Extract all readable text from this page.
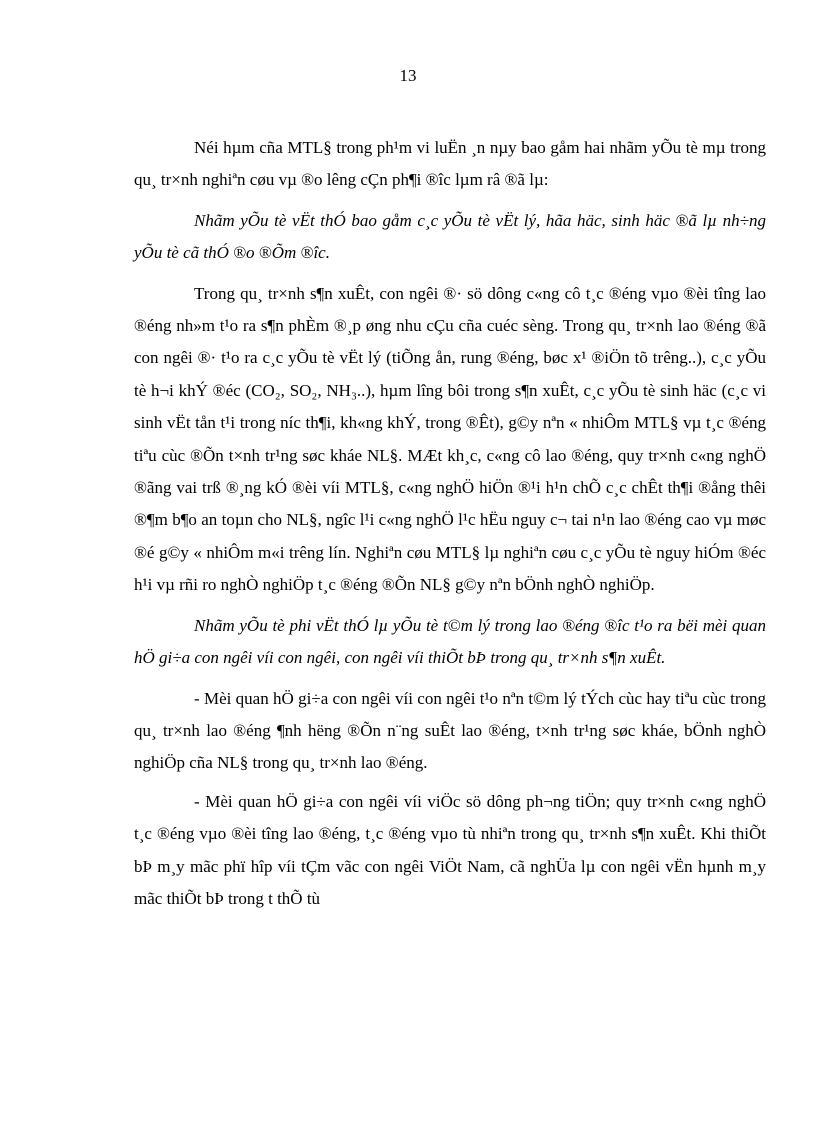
13

Néi hµm cña MTL§ trong ph¹m vi luËn ¸n nµy bao gåm hai nhãm yÕu tè mµ trong qu¸ tr×nh nghiªn cøu vµ ®o lêng cÇn ph¶i ®îc lµm râ ®ã lµ:

Nhãm yÕu tè vËt thÓ bao gåm c¸c yÕu tè vËt lý, hãa häc, sinh häc ®ã lµ nh÷ng yÕu tè cã thÓ ®o ®Õm ®îc.

Trong qu¸ tr×nh s¶n xuÊt, con ngêi ®· sö dông c«ng cô t¸c ®éng vµo ®èi tîng lao ®éng nh»m t¹o ra s¶n phÈm ®¸p øng nhu cÇu cña cuéc sèng. Trong qu¸ tr×nh lao ®éng ®ã con ngêi ®· t¹o ra c¸c yÕu tè vËt lý (tiÕng ån, rung ®éng, bøc x¹ ®iÖn tõ trêng..), c¸c yÕu tè h¬i khÝ ®éc (CO₂, SO₂, NH₃..), hµm lîng bôi trong s¶n xuÊt, c¸c yÕu tè sinh häc (c¸c vi sinh vËt tån t¹i trong níc th¶i, kh«ng khÝ, trong ®Êt), g©y nªn « nhiÔm MTL§ vµ t¸c ®éng tiªu cùc ®Õn t×nh tr¹ng søc kháe NL§. MÆt kh¸c, c«ng cô lao ®éng, quy tr×nh c«ng nghÖ ®ãng vai trß ®¸ng kÓ ®èi víi MTL§, c«ng nghÖ hiÖn ®¹i h¹n chÕ c¸c chÊt th¶i ®ång thêi ®¶m b¶o an toµn cho NL§, ngîc l¹i c«ng nghÖ l¹c hËu nguy c¬ tai n¹n lao ®éng cao vµ møc ®é g©y « nhiÔm m«i trêng lín. Nghiªn cøu MTL§ lµ nghiªn cøu c¸c yÕu tè nguy hiÓm ®éc h¹i vµ rñi ro nghÒ nghiÖp t¸c ®éng ®Õn NL§ g©y nªn bÖnh nghÒ nghiÖp.

Nhãm yÕu tè phi vËt thÓ lµ yÕu tè t©m lý trong lao ®éng ®îc t¹o ra bëi mèi quan hÖ gi÷a con ngêi víi con ngêi, con ngêi víi thiÕt bÞ trong qu¸ tr×nh s¶n xuÊt.

- Mèi quan hÖ gi÷a con ngêi víi con ngêi t¹o nªn t©m lý tÝch cùc hay tiªu cùc trong qu¸ tr×nh lao ®éng ¶nh hëng ®Õn n¨ng suÊt lao ®éng, t×nh tr¹ng søc kháe, bÖnh nghÒ nghiÖp cña NL§ trong qu¸ tr×nh lao ®éng.

- Mèi quan hÖ gi÷a con ngêi víi viÖc sö dông ph¬ng tiÖn; quy tr×nh c«ng nghÖ t¸c ®éng vµo ®èi tîng lao ®éng, t¸c ®éng vµo tù nhiªn trong qu¸ tr×nh s¶n xuÊt. Khi thiÕt bÞ m¸y mãc phï hîp víi tÇm vãc con ngêi ViÖt Nam, cã nghÜa lµ con ngêi vËn hµnh m¸y mãc thiÕt bÞ trong t thÕ tù
